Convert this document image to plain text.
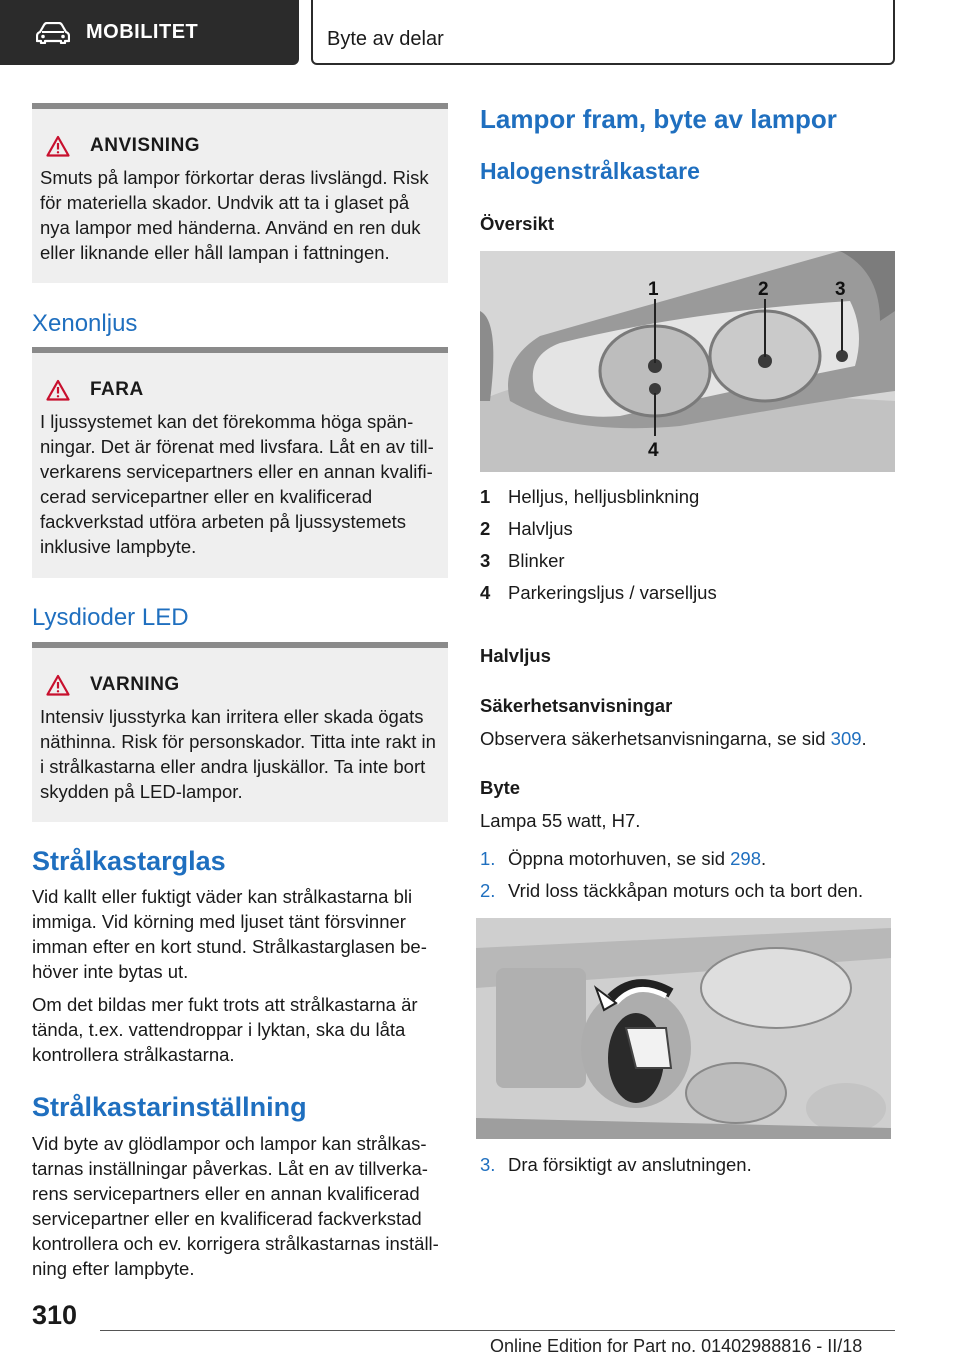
MOBILITET	Byte av delar
ANVISNING

Smuts på lampor förkortar deras livslängd. Risk för materiella skador. Undvik att ta i glaset på nya lampor med händerna. Använd en ren duk eller liknande eller håll lampan i fattningen.

Xenonljus
FARA

I ljussystemet kan det förekomma höga spänningar. Det är förenat med livsfara. Låt en av tillverkarens servicepartners eller en annan kvalificerad servicepartner eller en kvalificerad fackverkstad utföra arbeten på ljussystemets inklusive lampbyte.

Lysdioder LED
VARNING

Intensiv ljusstyrka kan irritera eller skada ögats näthinna. Risk för personskador. Titta inte rakt in i strålkastarna eller andra ljuskällor. Ta inte bort skydden på LED-lampor.

Strålkastarglas
Vid kallt eller fuktigt väder kan strålkastarna bli immiga. Vid körning med ljuset tänt försvinner imman efter en kort stund. Strålkastarglasen behöver inte bytas ut.
Om det bildas mer fukt trots att strålkastarna är tända, t.ex. vattendroppar i lyktan, ska du låta kontrollera strålkastarna.
Strålkastarinställning
Vid byte av glödlampor och lampor kan strålkastarnas inställningar påverkas. Låt en av tillverkarens servicepartners eller en annan kvalificerad servicepartner eller en kvalificerad fackverkstad kontrollera och ev. korrigera strålkastarnas inställning efter lampbyte.
Lampor fram, byte av lampor
Halogenstrålkastare
Översikt
1	2	3
4
1 Helljus, helljusblinkning
2 Halvljus
3 Blinker
4 Parkeringsljus / varselljus
Halvljus
Säkerhetsanvisningar
Observera säkerhetsanvisningarna, se sid 309.
Byte
Lampa 55 watt, H7.
1. Öppna motorhuven, se sid 298.
2. Vrid loss täckkåpan moturs och ta bort den.
3. Dra försiktigt av anslutningen.
310
Online Edition for Part no. 01402988816 - II/18
